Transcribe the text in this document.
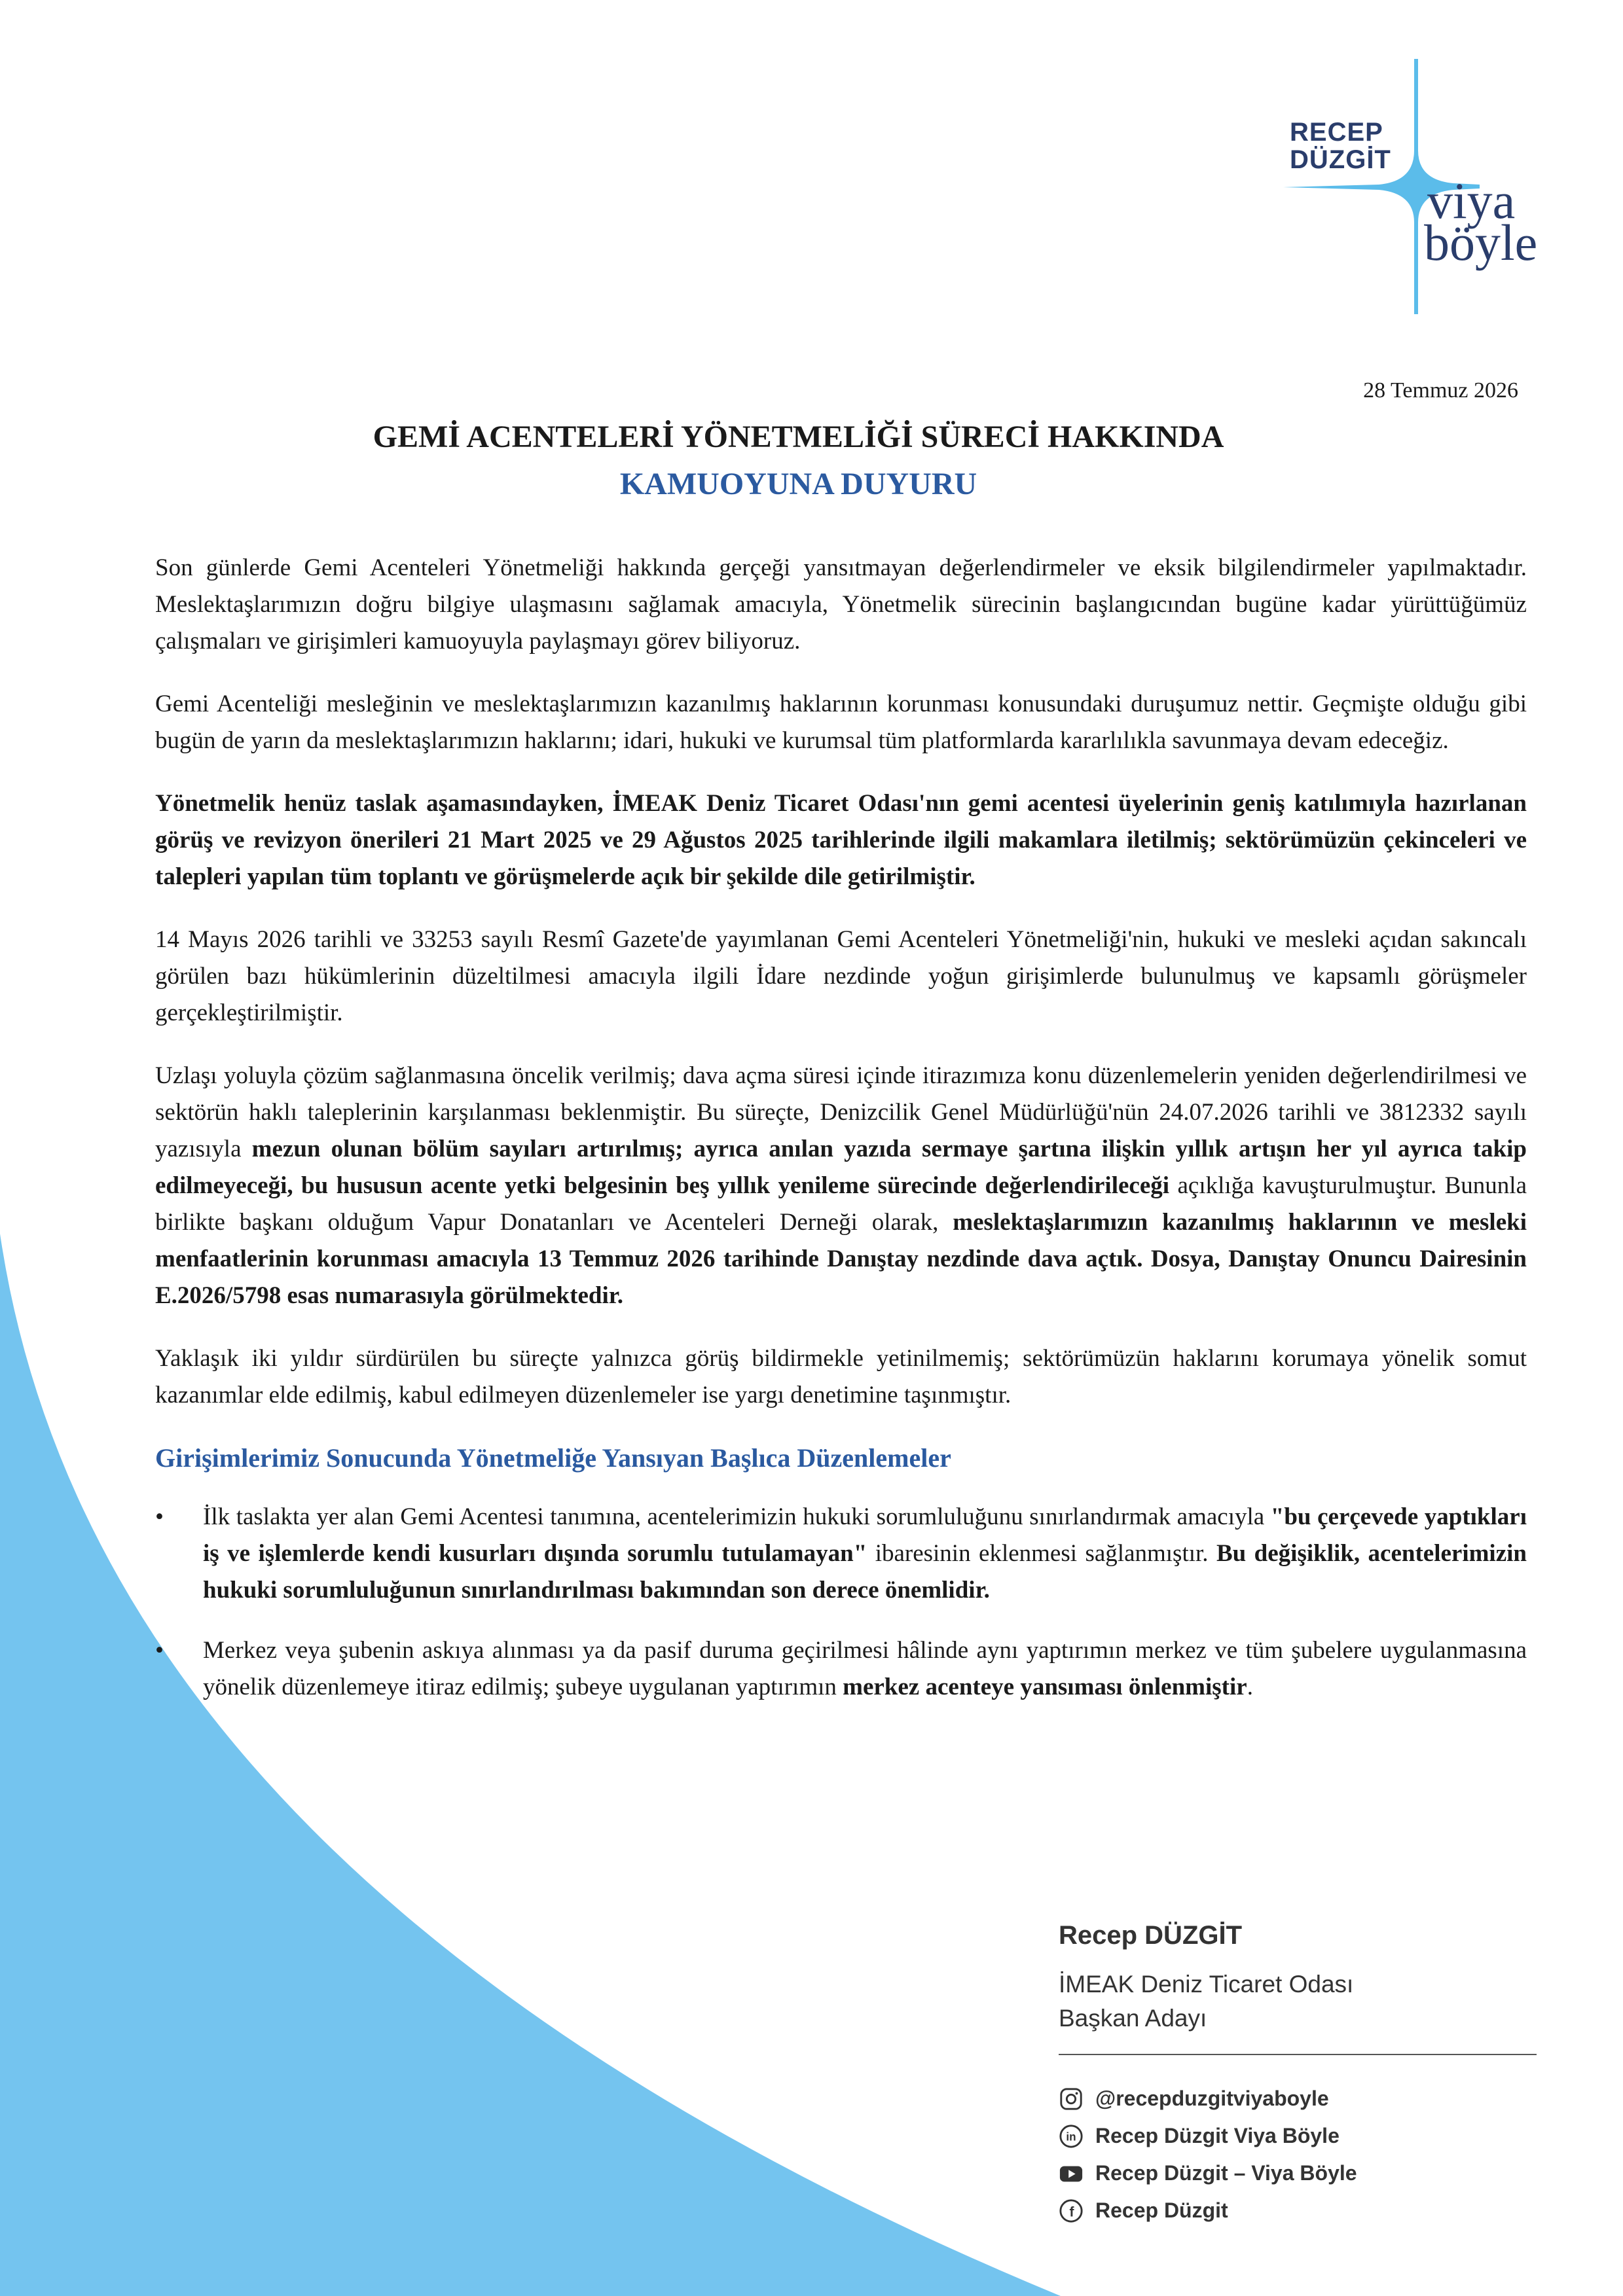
RECEP
DÜZGİT
viya
böyle
28 Temmuz 2026
GEMİ ACENTELERİ YÖNETMELİĞİ SÜRECİ HAKKINDA
KAMUOYUNA DUYURU

Son günlerde Gemi Acenteleri Yönetmeliği hakkında gerçeği yansıtmayan değerlendirmeler ve eksik bilgilendirmeler yapılmaktadır. Meslektaşlarımızın doğru bilgiye ulaşmasını sağlamak amacıyla, Yönetmelik sürecinin başlangıcından bugüne kadar yürüttüğümüz çalışmaları ve girişimleri kamuoyuyla paylaşmayı görev biliyoruz.

Gemi Acenteliği mesleğinin ve meslektaşlarımızın kazanılmış haklarının korunması konusundaki duruşumuz nettir. Geçmişte olduğu gibi bugün de yarın da meslektaşlarımızın haklarını; idari, hukuki ve kurumsal tüm platformlarda kararlılıkla savunmaya devam edeceğiz.

Yönetmelik henüz taslak aşamasındayken, İMEAK Deniz Ticaret Odası'nın gemi acentesi üyelerinin geniş katılımıyla hazırlanan görüş ve revizyon önerileri 21 Mart 2025 ve 29 Ağustos 2025 tarihlerinde ilgili makamlara iletilmiş; sektörümüzün çekinceleri ve talepleri yapılan tüm toplantı ve görüşmelerde açık bir şekilde dile getirilmiştir.

14 Mayıs 2026 tarihli ve 33253 sayılı Resmî Gazete'de yayımlanan Gemi Acenteleri Yönetmeliği'nin, hukuki ve mesleki açıdan sakıncalı görülen bazı hükümlerinin düzeltilmesi amacıyla ilgili İdare nezdinde yoğun girişimlerde bulunulmuş ve kapsamlı görüşmeler gerçekleştirilmiştir.

Uzlaşı yoluyla çözüm sağlanmasına öncelik verilmiş; dava açma süresi içinde itirazımıza konu düzenlemelerin yeniden değerlendirilmesi ve sektörün haklı taleplerinin karşılanması beklenmiştir. Bu süreçte, Denizcilik Genel Müdürlüğü'nün 24.07.2026 tarihli ve 3812332 sayılı yazısıyla mezun olunan bölüm sayıları artırılmış; ayrıca anılan yazıda sermaye şartına ilişkin yıllık artışın her yıl ayrıca takip edilmeyeceği, bu hususun acente yetki belgesinin beş yıllık yenileme sürecinde değerlendirileceği açıklığa kavuşturulmuştur. Bununla birlikte başkanı olduğum Vapur Donatanları ve Acenteleri Derneği olarak, meslektaşlarımızın kazanılmış haklarının ve mesleki menfaatlerinin korunması amacıyla 13 Temmuz 2026 tarihinde Danıştay nezdinde dava açtık. Dosya, Danıştay Onuncu Dairesinin E.2026/5798 esas numarasıyla görülmektedir.

Yaklaşık iki yıldır sürdürülen bu süreçte yalnızca görüş bildirmekle yetinilmemiş; sektörümüzün haklarını korumaya yönelik somut kazanımlar elde edilmiş, kabul edilmeyen düzenlemeler ise yargı denetimine taşınmıştır.

Girişimlerimiz Sonucunda Yönetmeliğe Yansıyan Başlıca Düzenlemeler
• İlk taslakta yer alan Gemi Acentesi tanımına, acentelerimizin hukuki sorumluluğunu sınırlandırmak amacıyla "bu çerçevede yaptıkları iş ve işlemlerde kendi kusurları dışında sorumlu tutulamayan" ibaresinin eklenmesi sağlanmıştır. Bu değişiklik, acentelerimizin hukuki sorumluluğunun sınırlandırılması bakımından son derece önemlidir.
• Merkez veya şubenin askıya alınması ya da pasif duruma geçirilmesi hâlinde aynı yaptırımın merkez ve tüm şubelere uygulanmasına yönelik düzenlemeye itiraz edilmiş; şubeye uygulanan yaptırımın merkez acenteye yansıması önlenmiştir.
Recep DÜZGİT
İMEAK Deniz Ticaret Odası
Başkan Adayı
@recepduzgitviyaboyle
in Recep Düzgit Viya Böyle
Recep Düzgit – Viya Böyle
f Recep Düzgit
